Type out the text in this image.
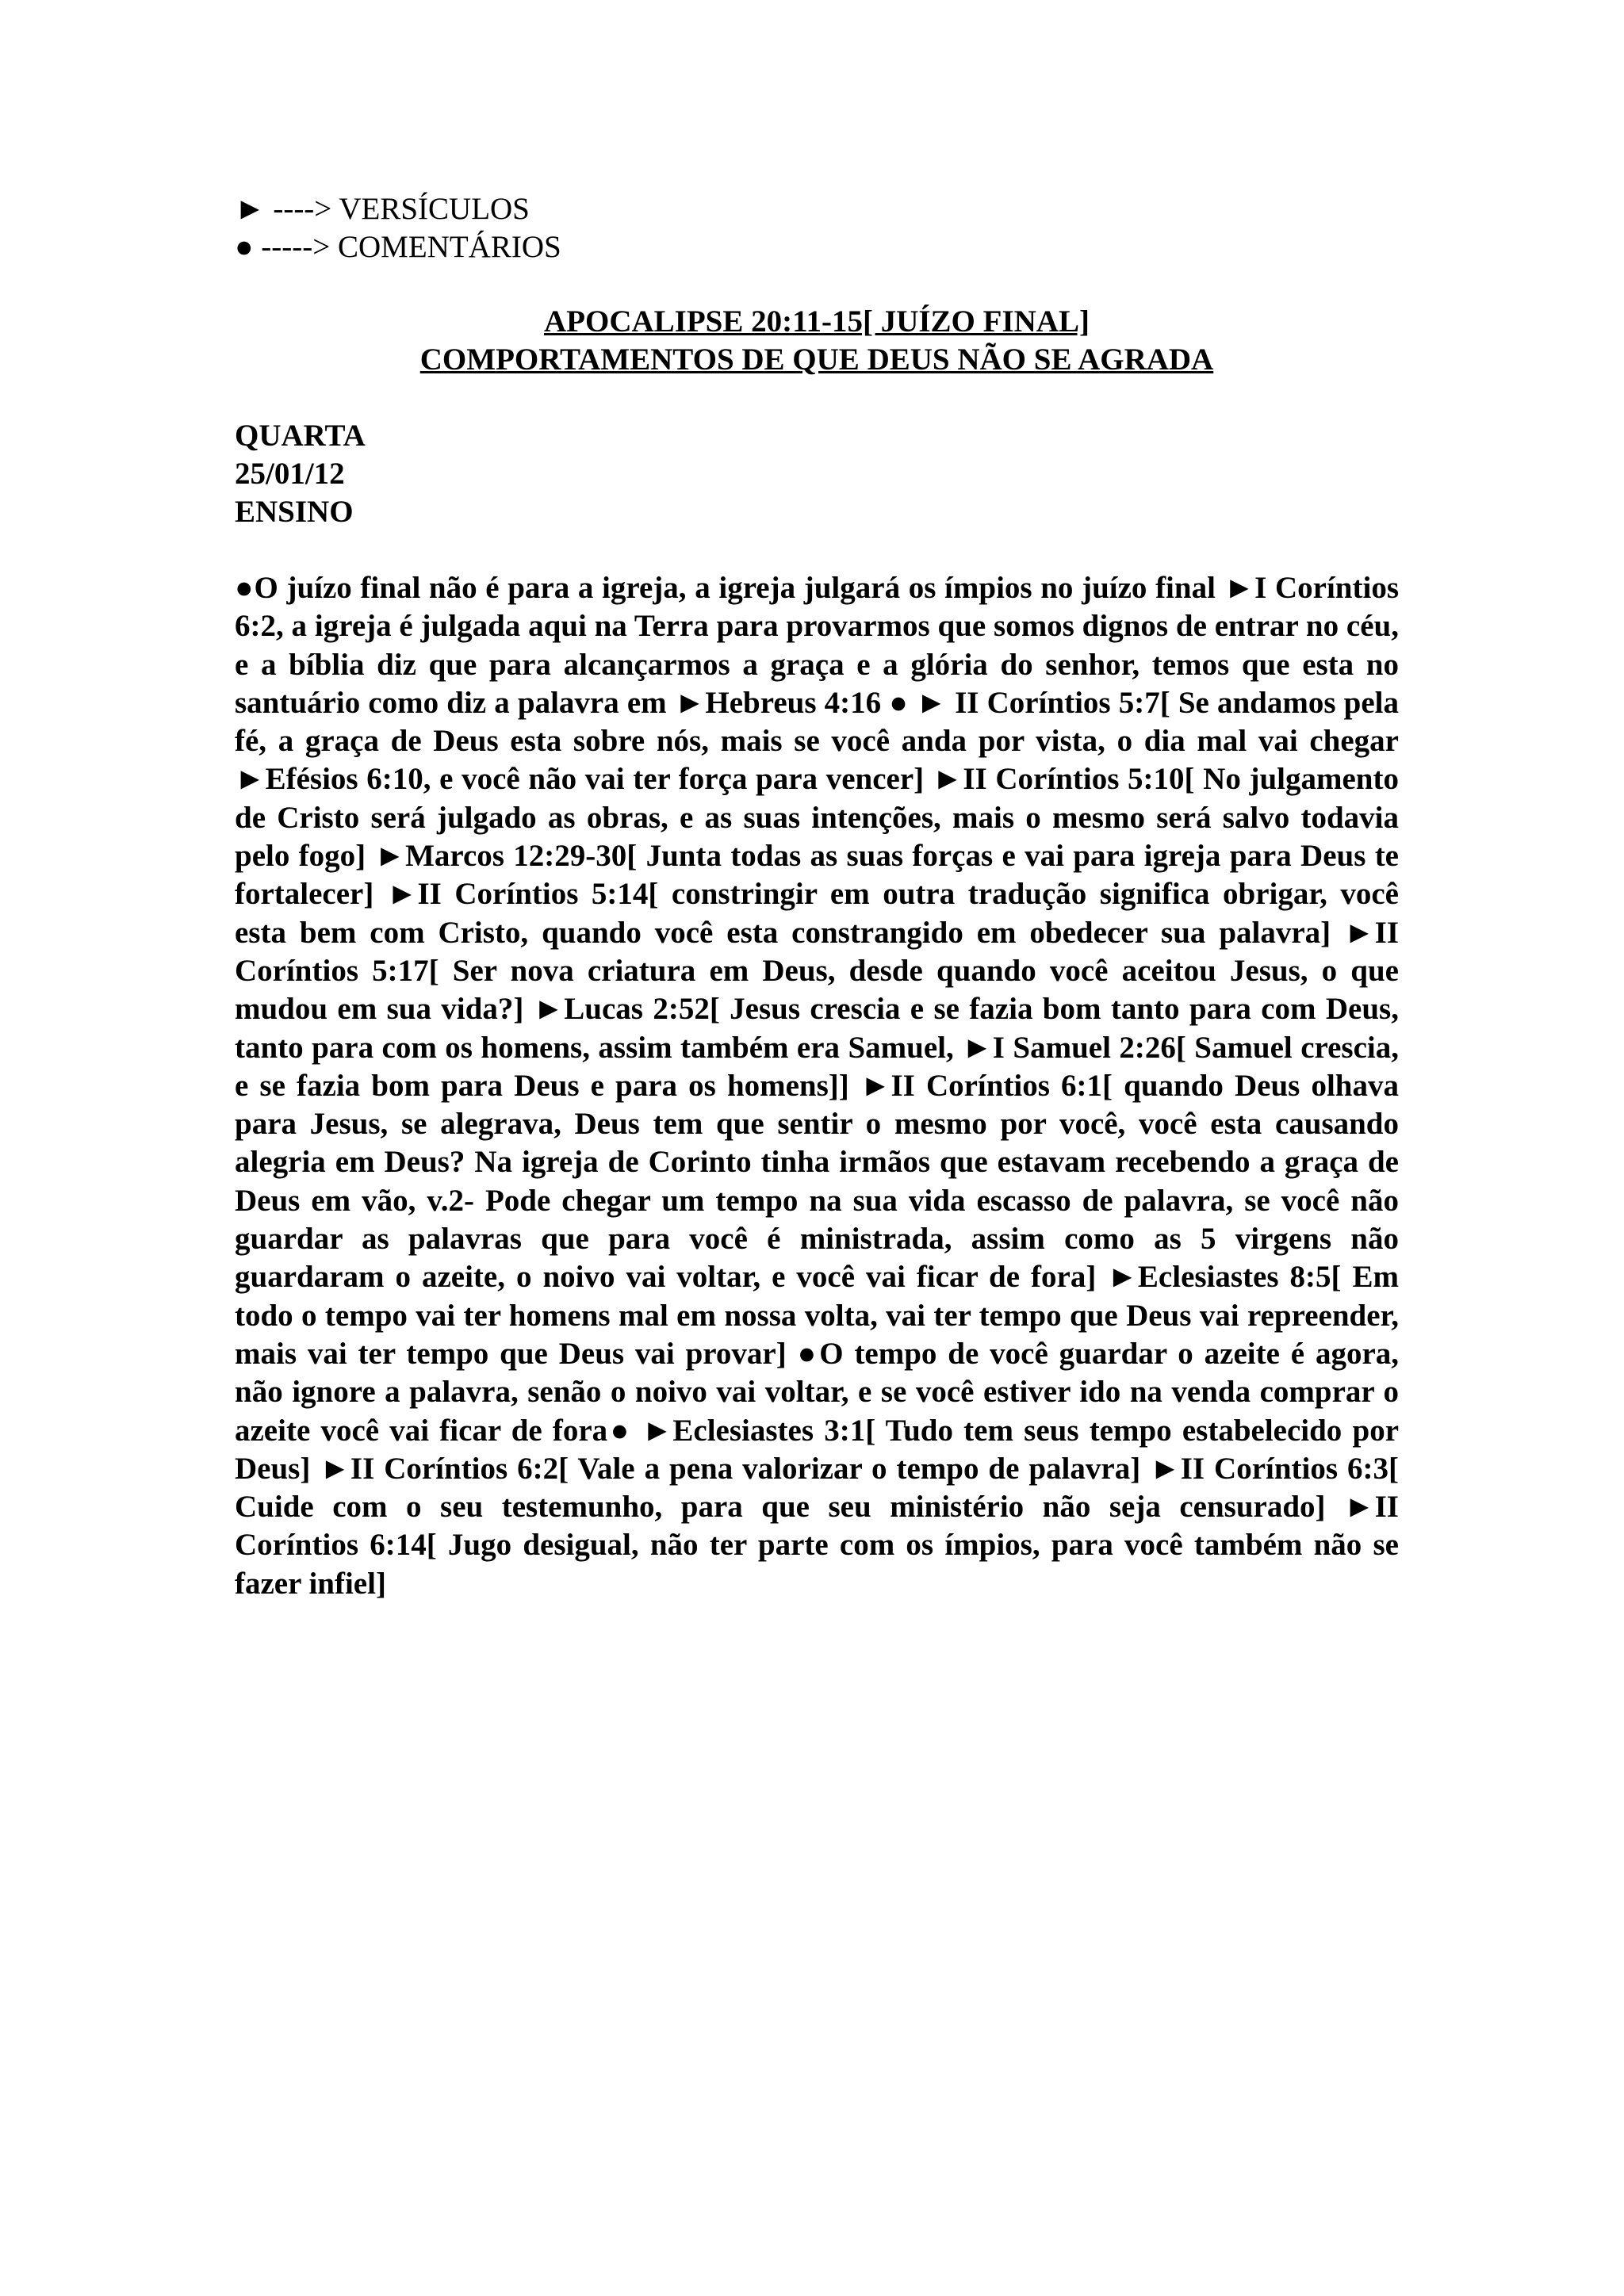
► ----> VERSÍCULOS
● -----> COMENTÁRIOS
APOCALIPSE 20:11-15[ JUÍZO FINAL]
COMPORTAMENTOS DE QUE DEUS NÃO SE AGRADA
QUARTA
25/01/12
ENSINO
●O juízo final não é para a igreja, a igreja julgará os ímpios no juízo final ►I Coríntios 6:2, a igreja é julgada aqui na Terra para provarmos que somos dignos de entrar no céu, e a bíblia diz que para alcançarmos a graça e a glória do senhor, temos que esta no santuário como diz a palavra em ►Hebreus 4:16 ● ► II Coríntios 5:7[ Se andamos pela fé, a graça de Deus esta sobre nós, mais se você anda por vista, o dia mal vai chegar ►Efésios 6:10, e você não vai ter força para vencer] ►II Coríntios 5:10[ No julgamento de Cristo será julgado as obras, e as suas intenções, mais o mesmo será salvo todavia pelo fogo] ►Marcos 12:29-30[ Junta todas as suas forças e vai para igreja para Deus te fortalecer] ►II Coríntios 5:14[ constringir em outra tradução significa obrigar, você esta bem com Cristo, quando você esta constrangido em obedecer sua palavra] ►II Coríntios 5:17[ Ser nova criatura em Deus, desde quando você aceitou Jesus, o que mudou em sua vida?] ►Lucas 2:52[ Jesus crescia e se fazia bom tanto para com Deus, tanto para com os homens, assim também era Samuel, ►I Samuel 2:26[ Samuel crescia, e se fazia bom para Deus e para os homens]] ►II Coríntios 6:1[ quando Deus olhava para Jesus, se alegrava, Deus tem que sentir o mesmo por você, você esta causando alegria em Deus? Na igreja de Corinto tinha irmãos que estavam recebendo a graça de Deus em vão, v.2- Pode chegar um tempo na sua vida escasso de palavra, se você não guardar as palavras que para você é ministrada, assim como as 5 virgens não guardaram o azeite, o noivo vai voltar, e você vai ficar de fora] ►Eclesiastes 8:5[ Em todo o tempo vai ter homens mal em nossa volta, vai ter tempo que Deus vai repreender, mais vai ter tempo que Deus vai provar] ●O tempo de você guardar o azeite é agora, não ignore a palavra, senão o noivo vai voltar, e se você estiver ido na venda comprar o azeite você vai ficar de fora● ►Eclesiastes 3:1[ Tudo tem seus tempo estabelecido por Deus] ►II Coríntios 6:2[ Vale a pena valorizar o tempo de palavra] ►II Coríntios 6:3[ Cuide com o seu testemunho, para que seu ministério não seja censurado] ►II Coríntios 6:14[ Jugo desigual, não ter parte com os ímpios, para você também não se fazer infiel]
